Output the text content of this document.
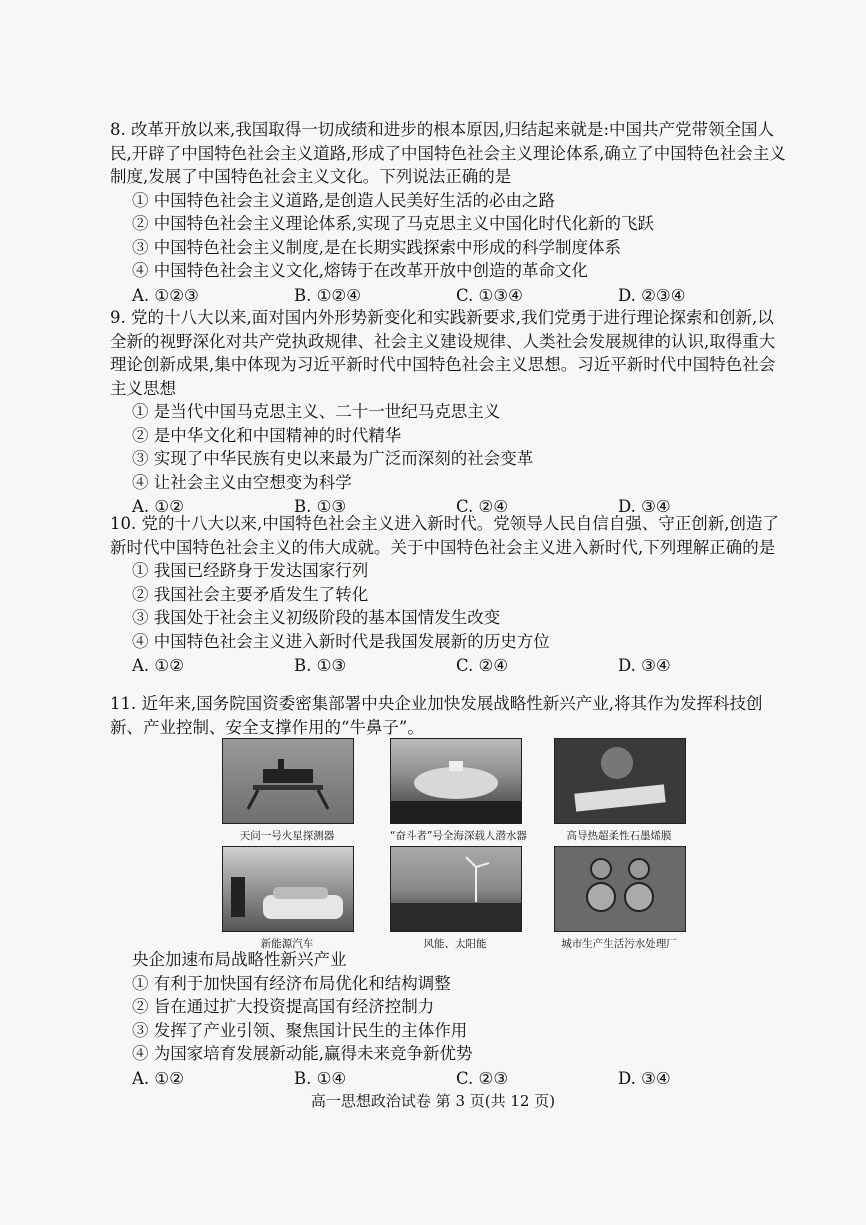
8. 改革开放以来,我国取得一切成绩和进步的根本原因,归结起来就是:中国共产党带领全国人民,开辟了中国特色社会主义道路,形成了中国特色社会主义理论体系,确立了中国特色社会主义制度,发展了中国特色社会主义文化。下列说法正确的是

① 中国特色社会主义道路,是创造人民美好生活的必由之路

② 中国特色社会主义理论体系,实现了马克思主义中国化时代化新的飞跃

③ 中国特色社会主义制度,是在长期实践探索中形成的科学制度体系

④ 中国特色社会主义文化,熔铸于在改革开放中创造的革命文化

A. ①②③	B. ①②④	C. ①③④	D. ②③④

9. 党的十八大以来,面对国内外形势新变化和实践新要求,我们党勇于进行理论探索和创新,以全新的视野深化对共产党执政规律、社会主义建设规律、人类社会发展规律的认识,取得重大理论创新成果,集中体现为习近平新时代中国特色社会主义思想。习近平新时代中国特色社会主义思想

① 是当代中国马克思主义、二十一世纪马克思主义

② 是中华文化和中国精神的时代精华

③ 实现了中华民族有史以来最为广泛而深刻的社会变革

④ 让社会主义由空想变为科学

A. ①②	B. ①③	C. ②④	D. ③④

10. 党的十八大以来,中国特色社会主义进入新时代。党领导人民自信自强、守正创新,创造了新时代中国特色社会主义的伟大成就。关于中国特色社会主义进入新时代,下列理解正确的是

① 我国已经跻身于发达国家行列

② 我国社会主要矛盾发生了转化

③ 我国处于社会主义初级阶段的基本国情发生改变

④ 中国特色社会主义进入新时代是我国发展新的历史方位

A. ①②	B. ①③	C. ②④	D. ③④

11. 近年来,国务院国资委密集部署中央企业加快发展战略性新兴产业,将其作为发挥科技创新、产业控制、安全支撑作用的“牛鼻子”。

天问一号火星探测器	“奋斗者”号全海深载人潜水器	高导热超柔性石墨烯膜
新能源汽车	风能、太阳能	城市生产生活污水处理厂

央企加速布局战略性新兴产业

① 有利于加快国有经济布局优化和结构调整

② 旨在通过扩大投资提高国有经济控制力

③ 发挥了产业引领、聚焦国计民生的主体作用

④ 为国家培育发展新动能,赢得未来竞争新优势

A. ①②	B. ①④	C. ②③	D. ③④
高一思想政治试卷 第 3 页(共 12 页)
